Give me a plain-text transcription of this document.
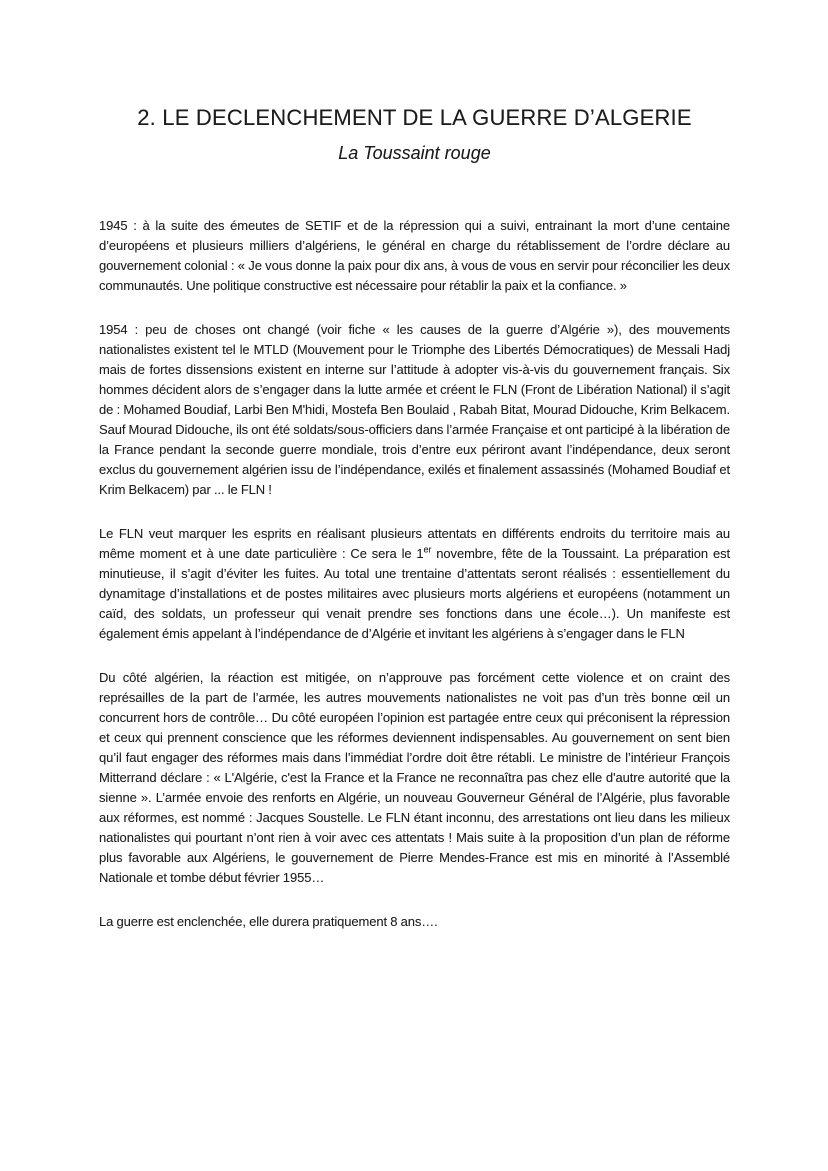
2. LE DECLENCHEMENT DE LA GUERRE D’ALGERIE
La Toussaint rouge

1945 : à la suite des émeutes de SETIF et de la répression qui a suivi, entrainant la mort d’une centaine d’européens et plusieurs milliers d’algériens, le général en charge du rétablissement de l’ordre déclare au gouvernement colonial : « Je vous donne la paix pour dix ans, à vous de vous en servir pour réconcilier les deux communautés. Une politique constructive est nécessaire pour rétablir la paix et la confiance. »

1954 : peu de choses ont changé (voir fiche « les causes de la guerre d’Algérie »), des mouvements nationalistes existent tel le MTLD (Mouvement pour le Triomphe des Libertés Démocratiques) de Messali Hadj mais de fortes dissensions existent en interne sur l’attitude à adopter vis-à-vis du gouvernement français. Six hommes décident alors de s’engager dans la lutte armée et créent le FLN (Front de Libération National) il s’agit de : Mohamed Boudiaf, Larbi Ben M'hidi, Mostefa Ben Boulaid , Rabah Bitat, Mourad Didouche, Krim Belkacem. Sauf Mourad Didouche, ils ont été soldats/sous-officiers dans l’armée Française et ont participé à la libération de la France pendant la seconde guerre mondiale, trois d’entre eux périront avant l’indépendance, deux seront exclus du gouvernement algérien issu de l’indépendance, exilés et finalement assassinés (Mohamed Boudiaf et Krim Belkacem) par ... le FLN !

Le FLN veut marquer les esprits en réalisant plusieurs attentats en différents endroits du territoire mais au même moment et à une date particulière : Ce sera le 1er novembre, fête de la Toussaint. La préparation est minutieuse, il s’agit d’éviter les fuites. Au total une trentaine d’attentats seront réalisés : essentiellement du dynamitage d’installations et de postes militaires avec plusieurs morts algériens et européens (notamment un caïd, des soldats, un professeur qui venait prendre ses fonctions dans une école…). Un manifeste est également émis appelant à l’indépendance de d’Algérie et invitant les algériens à s’engager dans le FLN

Du côté algérien, la réaction est mitigée, on n’approuve pas forcément cette violence et on craint des représailles de la part de l’armée, les autres mouvements nationalistes ne voit pas d’un très bonne œil un concurrent hors de contrôle… Du côté européen l’opinion est partagée entre ceux qui préconisent la répression et ceux qui prennent conscience que les réformes deviennent indispensables. Au gouvernement on sent bien qu’il faut engager des réformes mais dans l’immédiat l’ordre doit être rétabli. Le ministre de l’intérieur François Mitterrand déclare : « L'Algérie, c'est la France et la France ne reconnaîtra pas chez elle d'autre autorité que la sienne ». L’armée envoie des renforts en Algérie, un nouveau Gouverneur Général de l’Algérie, plus favorable aux réformes, est nommé : Jacques Soustelle. Le FLN étant inconnu, des arrestations ont lieu dans les milieux nationalistes qui pourtant n’ont rien à voir avec ces attentats ! Mais suite à la proposition d’un plan de réforme plus favorable aux Algériens, le gouvernement de Pierre Mendes-France est mis en minorité à l’Assemblé Nationale et tombe début février 1955…

La guerre est enclenchée, elle durera pratiquement 8 ans….
